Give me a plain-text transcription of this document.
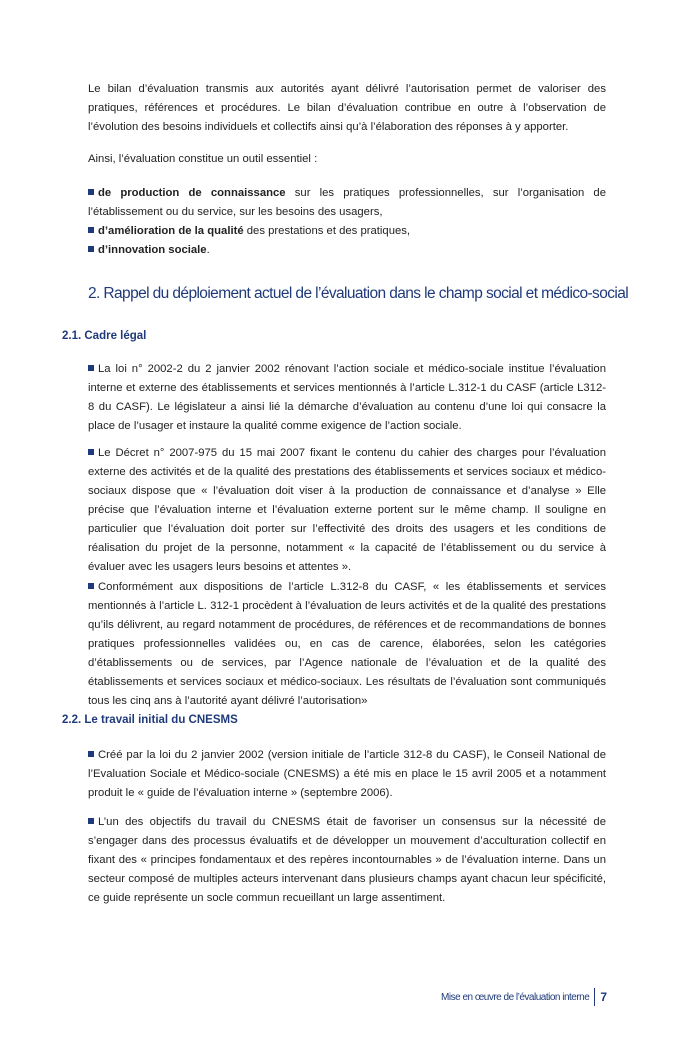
Le bilan d’évaluation transmis aux autorités ayant délivré l’autorisation permet de valoriser des pratiques, références et procédures. Le bilan d’évaluation contribue en outre à l’observation de l’évolution des besoins individuels et collectifs ainsi qu’à l’élaboration des réponses à y apporter.

Ainsi, l’évaluation constitue un outil essentiel :

de production de connaissance sur les pratiques professionnelles, sur l’organisation de l’établissement ou du service, sur les besoins des usagers,
d’amélioration de la qualité des prestations et des pratiques,
d’innovation sociale.
2. Rappel du déploiement actuel de l’évaluation dans le champ social et médico-social
2.1. Cadre légal

La loi n° 2002-2 du 2 janvier 2002 rénovant l’action sociale et médico-sociale institue l’évaluation interne et externe des établissements et services mentionnés à l’article L.312-1 du CASF (article L312-8 du CASF). Le législateur a ainsi lié la démarche d’évaluation au contenu d’une loi qui consacre la place de l’usager et instaure la qualité comme exigence de l’action sociale.

Le Décret n° 2007-975 du 15 mai 2007 fixant le contenu du cahier des charges pour l’évaluation externe des activités et de la qualité des prestations des établissements et services sociaux et médico-sociaux dispose que « l’évaluation doit viser à la production de connaissance et d’analyse » Elle précise que l’évaluation interne et l’évaluation externe portent sur le même champ. Il souligne en particulier que l’évaluation doit porter sur l’effectivité des droits des usagers et les conditions de réalisation du projet de la personne, notamment « la capacité de l’établissement ou du service à évaluer avec les usagers leurs besoins et attentes ».

Conformément aux dispositions de l’article L.312-8 du CASF, « les établissements et services mentionnés à l’article L. 312-1 procèdent à l’évaluation de leurs activités et de la qualité des prestations qu’ils délivrent, au regard notamment de procédures, de références et de recommandations de bonnes pratiques professionnelles validées ou, en cas de carence, élaborées, selon les catégories d’établissements ou de services, par l’Agence nationale de l’évaluation et de la qualité des établissements et services sociaux et médico-sociaux. Les résultats de l’évaluation sont communiqués tous les cinq ans à l’autorité ayant délivré l’autorisation»

2.2. Le travail initial du CNESMS

Créé par la loi du 2 janvier 2002 (version initiale de l’article 312-8 du CASF), le Conseil National de l’Evaluation Sociale et Médico-sociale (CNESMS) a été mis en place le 15 avril 2005 et a notamment produit le « guide de l’évaluation interne » (septembre 2006).

L’un des objectifs du travail du CNESMS était de favoriser un consensus sur la nécessité de s’engager dans des processus évaluatifs et de développer un mouvement d’acculturation collectif en fixant des « principes fondamentaux et des repères incontournables » de l’évaluation interne. Dans un secteur composé de multiples acteurs intervenant dans plusieurs champs ayant chacun leur spécificité, ce guide représente un socle commun recueillant un large assentiment.

Mise en œuvre de l’évaluation interne 7
